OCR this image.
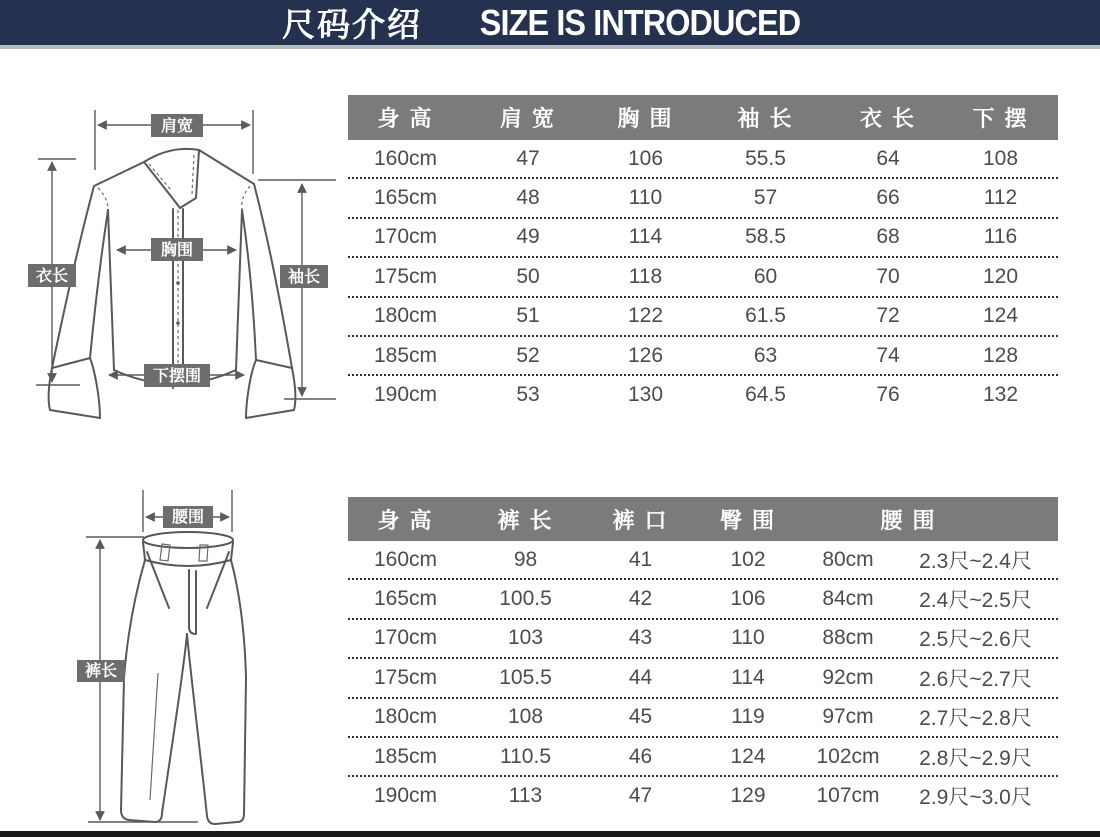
尺码介绍 SIZE IS INTRODUCED
肩宽
衣长	袖长
胸围
下摆围
腰围
裤长
身 高	肩 宽	胸 围	袖 长	衣 长	下 摆
160cm	47	106	55.5	64	108
165cm	48	110	57	66	112
170cm	49	114	58.5	68	116
175cm	50	118	60	70	120
180cm	51	122	61.5	72	124
185cm	52	126	63	74	128
190cm	53	130	64.5	76	132
身 高	裤 长	裤 口	臀 围	腰 围
160cm	98	41	102	80cm	2.3尺~2.4尺
165cm	100.5	42	106	84cm	2.4尺~2.5尺
170cm	103	43	110	88cm	2.5尺~2.6尺
175cm	105.5	44	114	92cm	2.6尺~2.7尺
180cm	108	45	119	97cm	2.7尺~2.8尺
185cm	110.5	46	124	102cm	2.8尺~2.9尺
190cm	113	47	129	107cm	2.9尺~3.0尺
